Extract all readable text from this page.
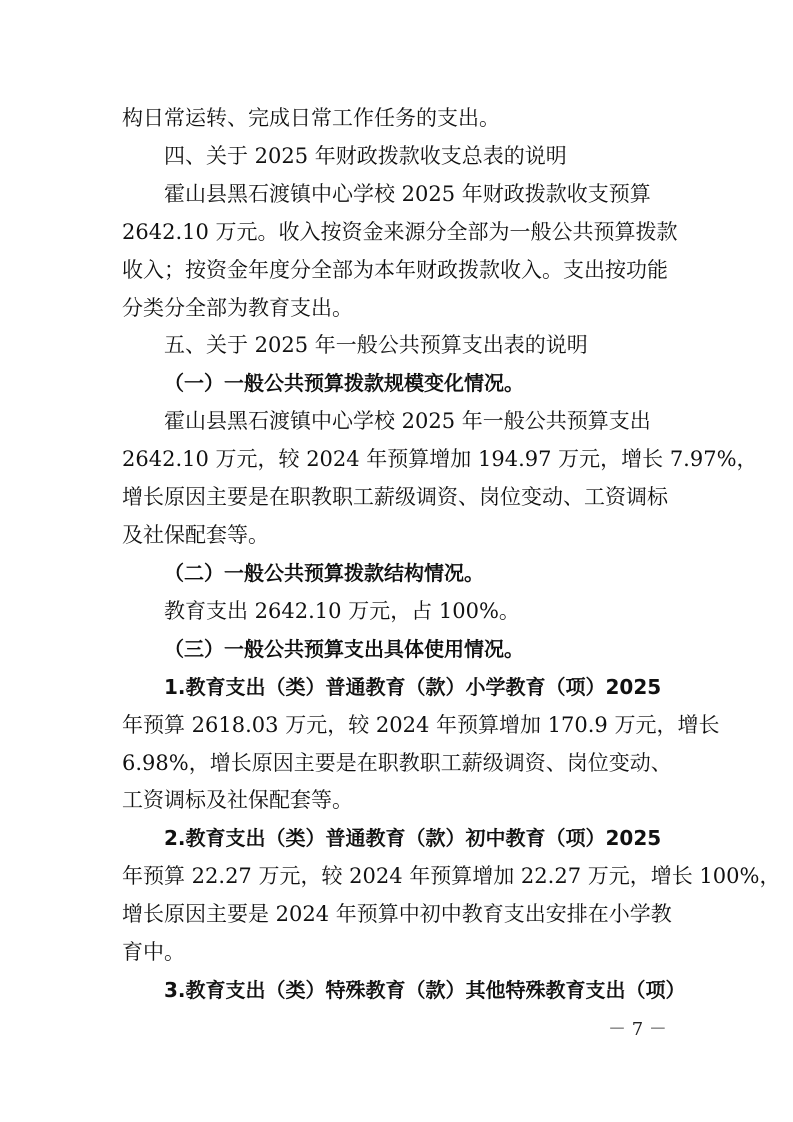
构日常运转、完成日常工作任务的支出。

四、关于 2025 年财政拨款收支总表的说明

霍山县黑石渡镇中心学校 2025 年财政拨款收支预算

2642.10 万元。收入按资金来源分全部为一般公共预算拨款

收入；按资金年度分全部为本年财政拨款收入。支出按功能

分类分全部为教育支出。

五、关于 2025 年一般公共预算支出表的说明

（一）一般公共预算拨款规模变化情况。

霍山县黑石渡镇中心学校 2025 年一般公共预算支出

2642.10 万元，较 2024 年预算增加 194.97 万元，增长 7.97%，

增长原因主要是在职教职工薪级调资、岗位变动、工资调标

及社保配套等。

（二）一般公共预算拨款结构情况。

教育支出 2642.10 万元，占 100%。

（三）一般公共预算支出具体使用情况。

1.教育支出（类）普通教育（款）小学教育（项）2025

年预算 2618.03 万元，较 2024 年预算增加 170.9 万元，增长

6.98%，增长原因主要是在职教职工薪级调资、岗位变动、

工资调标及社保配套等。

2.教育支出（类）普通教育（款）初中教育（项）2025

年预算 22.27 万元，较 2024 年预算增加 22.27 万元，增长 100%，

增长原因主要是 2024 年预算中初中教育支出安排在小学教

育中。

3.教育支出（类）特殊教育（款）其他特殊教育支出（项）

－ 7 －
